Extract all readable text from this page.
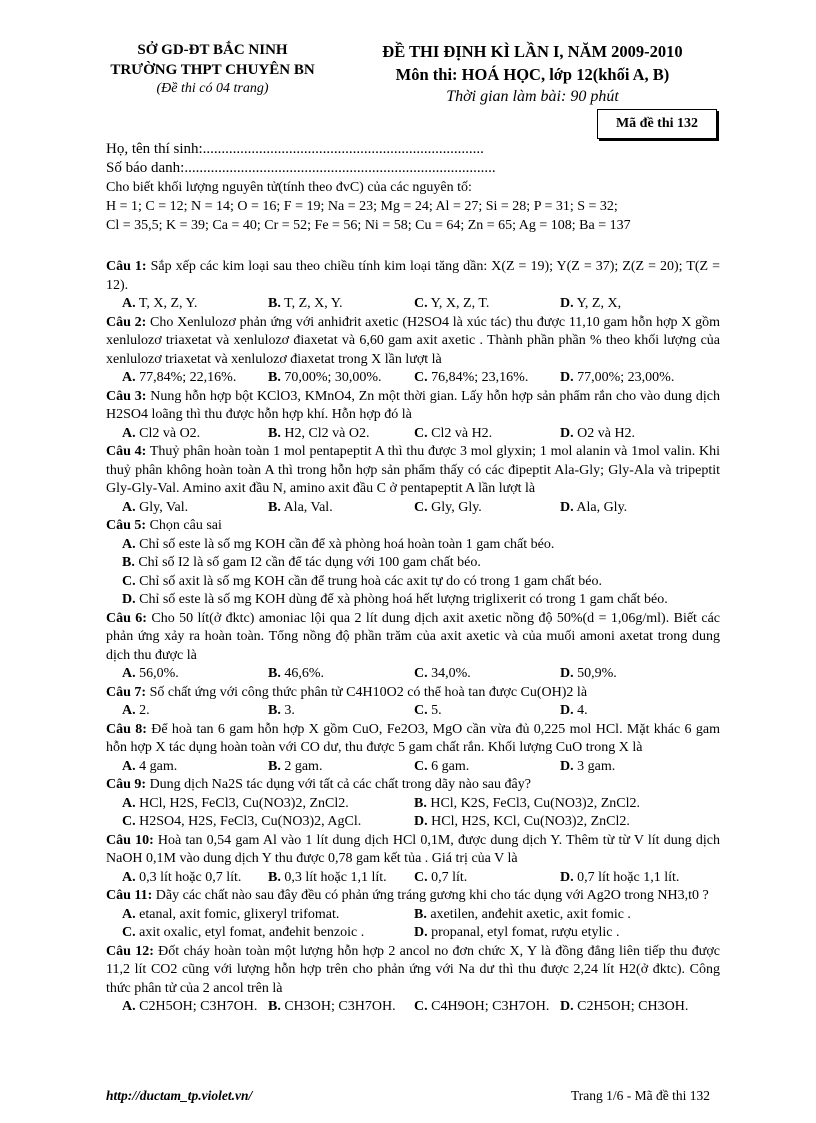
SỞ GD-ĐT BẮC NINH
TRƯỜNG THPT CHUYÊN BN
(Đề thi có 04 trang)
ĐỀ THI ĐỊNH KÌ LẦN I, NĂM 2009-2010
Môn thi: HOÁ HỌC, lớp 12(khối A, B)
Thời gian làm bài: 90 phút
Mã đề thi 132
Họ, tên thí sinh:...........................................................................
Số báo danh:...................................................................................
Cho biết khối lượng nguyên tử(tính theo đvC) của các nguyên tố:
H = 1; C = 12; N = 14; O = 16; F = 19; Na = 23; Mg = 24; Al = 27; Si = 28; P = 31; S = 32;
Cl = 35,5; K = 39; Ca = 40; Cr = 52; Fe = 56; Ni = 58; Cu = 64; Zn = 65; Ag = 108; Ba = 137
Câu 1: Sắp xếp các kim loại sau theo chiều tính kim loại tăng dần: X(Z = 19); Y(Z = 37); Z(Z = 20); T(Z = 12).
A. T, X, Z, Y.	B. T, Z, X, Y.	C. Y, X, Z, T.	D. Y, Z, X,
Câu 2: Cho Xenlulozơ phản ứng với anhiđrit axetic (H2SO4 là xúc tác) thu được 11,10 gam hỗn hợp X gồm xenlulozơ triaxetat và xenlulozơ điaxetat và 6,60 gam axit axetic . Thành phần phần % theo khối lượng của xenlulozơ triaxetat và xenlulozơ điaxetat trong X lần lượt là
A. 77,84%; 22,16%.	B. 70,00%; 30,00%.	C. 76,84%; 23,16%.	D. 77,00%; 23,00%.
Câu 3: Nung hỗn hợp bột KClO3, KMnO4, Zn một thời gian. Lấy hỗn hợp sản phẩm rắn cho vào dung dịch H2SO4 loãng thì thu được hỗn hợp khí. Hỗn hợp đó là
A. Cl2 và O2.	B. H2, Cl2 và O2.	C. Cl2 và H2.	D. O2 và H2.
Câu 4: Thuỷ phân hoàn toàn 1 mol pentapeptit A thì thu được 3 mol glyxin; 1 mol alanin và 1mol valin. Khi thuỷ phân không hoàn toàn A thì trong hỗn hợp sản phẩm thấy có các đipeptit Ala-Gly; Gly-Ala và tripeptit Gly-Gly-Val. Amino axit đầu N, amino axit đầu C ở pentapeptit A lần lượt là
A. Gly, Val.	B. Ala, Val.	C. Gly, Gly.	D. Ala, Gly.
Câu 5: Chọn câu sai
A. Chỉ số este là số mg KOH cần để xà phòng hoá hoàn toàn 1 gam chất béo.
B. Chỉ số I2 là số gam I2 cần để tác dụng với 100 gam chất béo.
C. Chỉ số axit là số mg KOH cần để trung hoà các axit tự do có trong 1 gam chất béo.
D. Chỉ số este là số mg KOH dùng để xà phòng hoá hết lượng triglixerit có trong 1 gam chất béo.
Câu 6: Cho 50 lít(ở đktc) amoniac lội qua 2 lít dung dịch axit axetic nồng độ 50%(d = 1,06g/ml). Biết các phản ứng xảy ra hoàn toàn. Tổng nồng độ phần trăm của axit axetic và của muối amoni axetat trong dung dịch thu được là
A. 56,0%.	B. 46,6%.	C. 34,0%.	D. 50,9%.
Câu 7: Số chất ứng với công thức phân tử C4H10O2 có thể hoà tan được Cu(OH)2 là
A. 2.	B. 3.	C. 5.	D. 4.
Câu 8: Để hoà tan 6 gam hỗn hợp X gồm CuO, Fe2O3, MgO cần vừa đủ 0,225 mol HCl. Mặt khác 6 gam hỗn hợp X tác dụng hoàn toàn với CO dư, thu được 5 gam chất rắn. Khối lượng CuO trong X là
A. 4 gam.	B. 2 gam.	C. 6 gam.	D. 3 gam.
Câu 9: Dung dịch Na2S tác dụng với tất cả các chất trong dãy nào sau đây?
A. HCl, H2S, FeCl3, Cu(NO3)2, ZnCl2.	B. HCl, K2S, FeCl3, Cu(NO3)2, ZnCl2.
C. H2SO4, H2S, FeCl3, Cu(NO3)2, AgCl.	D. HCl, H2S, KCl, Cu(NO3)2, ZnCl2.
Câu 10: Hoà tan 0,54 gam Al vào 1 lít dung dịch HCl 0,1M, được dung dịch Y. Thêm từ từ V lít dung dịch NaOH 0,1M vào dung dịch Y thu được 0,78 gam kết tủa . Giá trị của V là
A. 0,3 lít hoặc 0,7 lít.	B. 0,3 lít hoặc 1,1 lít.	C. 0,7 lít.	D. 0,7 lít hoặc 1,1 lít.
Câu 11: Dãy các chất nào sau đây đều có phản ứng tráng gương khi cho tác dụng với Ag2O trong NH3,t0 ?
A. etanal, axit fomic, glixeryl trifomat.	B. axetilen, anđehit axetic, axit fomic .
C. axit oxalic, etyl fomat, anđehit benzoic .	D. propanal, etyl fomat, rượu etylic .
Câu 12: Đốt cháy hoàn toàn một lượng hỗn hợp 2 ancol no đơn chức X, Y là đồng đẳng liên tiếp thu được 11,2 lít CO2 cũng với lượng hỗn hợp trên cho phản ứng với Na dư thì thu được 2,24 lít H2(ở đktc). Công thức phân tử của 2 ancol trên là
A. C2H5OH; C3H7OH. B. CH3OH; C3H7OH.	C. C4H9OH; C3H7OH. D. C2H5OH; CH3OH.
http://ductam_tp.violet.vn/	Trang 1/6 - Mã đề thi 132
